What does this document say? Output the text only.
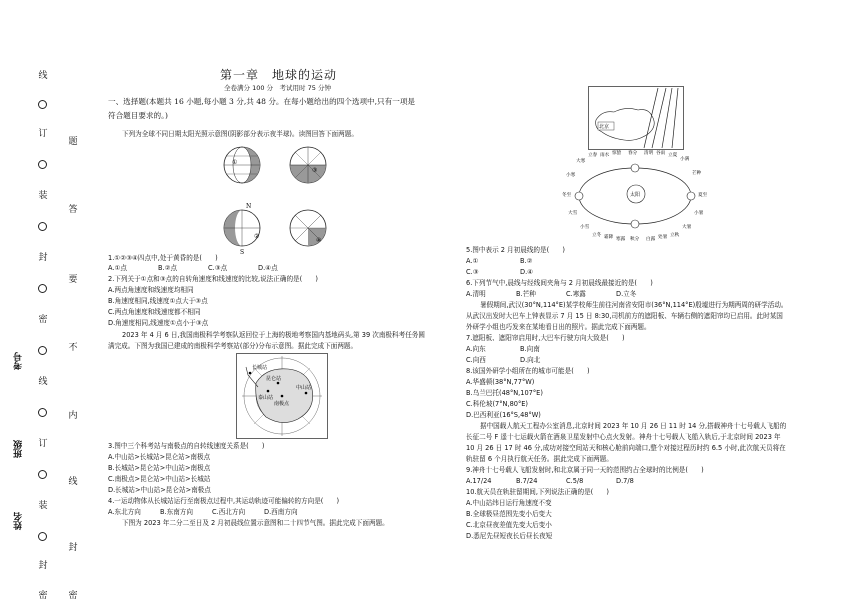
线
订
装
封
密
线
订
装
封
密
题
答
要
不
内
线
封
密
考号
班级
姓名
第一章　地球的运动
全卷满分 100 分　考试用时 75 分钟
一、选择题(本题共 16 小题,每小题 3 分,共 48 分。在每小题给出的四个选项中,只有一项是
符合题目要求的。)
下列为全球不同日期太阳光照示意图(阴影部分表示夜半球)。读图回答下面两题。
①
N
②
S
③
④
1.①②③④四点中,处于黄昏的是(　　)
A.①点	B.②点	C.③点	D.④点
2.下列关于①点和③点的自转角速度和线速度的比较,说法正确的是(　　)
A.两点角速度和线速度均相同
B.角速度相同,线速度①点大于③点
C.两点角速度和线速度都不相同
D.角速度相同,线速度①点小于③点
2023 年 4 月 6 日,我国南极科学考察队返回位于上海的极地考察国内基地码头,第 39 次南极科考任务圆
满完成。下图为我国已建成的南极科学考察站(部分)分布示意图。据此完成下面两题。
长城站
昆仑站
中山站
南极点
泰山站
3.图中三个科考站与南极点的自转线速度关系是(　　)
A.中山站>长城站>昆仑站>南极点
B.长城站>昆仑站>中山站>南极点
C.南极点>昆仑站>中山站>长城站
D.长城站>中山站>昆仑站>南极点
4.一运动物体从长城站运行至南极点过程中,其运动轨迹可能偏转的方向是(　　)
A.东北方向	B.东南方向	C.西北方向	D.西南方向
下图为 2023 年二分二至日及 2 月初晨线位置示意图和二十四节气图。据此完成下面两题。
北京
太阳
立春 雨水 惊蛰 春分 清明 谷雨 立夏
小满
芒种
夏至
小暑
大暑
立秋
处暑
白露
秋分
寒露
霜降
立冬
小雪
大雪
冬至
小寒
大寒
5.图中表示 2 月初晨线的是(　　)
A.①	B.②
C.③	D.④
6.下列节气中,晨线与经线间夹角与 2 月初晨线最接近的是(　　)
A.清明	B.芒种	C.寒露	D.立冬
暑假期间,武汉(30°N,114°E)某学校师生前往河南省安阳市(36°N,114°E)殷墟进行为期两周的研学活动。
从武汉出发时大巴车上钟表显示 7 月 15 日 8:30,司机前方的遮阳板、车辆右侧的遮阳帘均已启用。此时某国
外研学小组也巧发来在某地看日出的照片。据此完成下面两题。
7.遮阳板、遮阳帘启用时,大巴车行驶方向大致是(　　)
A.向东	B.向南
C.向西	D.向北
8.该国外研学小组所在的城市可能是(　　)
A.华盛顿(38°N,77°W)
B.乌兰巴托(48°N,107°E)
C.科伦坡(7°N,80°E)
D.巴西利亚(16°S,48°W)
据中国载人航天工程办公室消息,北京时间 2023 年 10 月 26 日 11 时 14 分,搭载神舟十七号载人飞船的
长征二号 F 遥十七运载火箭在酒泉卫星发射中心点火发射。神舟十七号载人飞船入轨后,于北京时间 2023 年
10 月 26 日 17 时 46 分,成功对接空间站天和核心舱前向端口,整个对接过程历时约 6.5 小时,此次航天员将在
轨驻留 6 个月执行航天任务。据此完成下面两题。
9.神舟十七号载人飞船发射时,和北京属于同一天的范围约占全球时的比例是(　　)
A.17/24	B.7/24	C.5/8	D.7/8
10.航天员在轨驻留期间,下列说法正确的是(　　)
A.中山站纬日运行角速度不变
B.全球极昼范围先变小后变大
C.北京昼夜差值先变大后变小
D.悉尼先昼短夜长后昼长夜短
